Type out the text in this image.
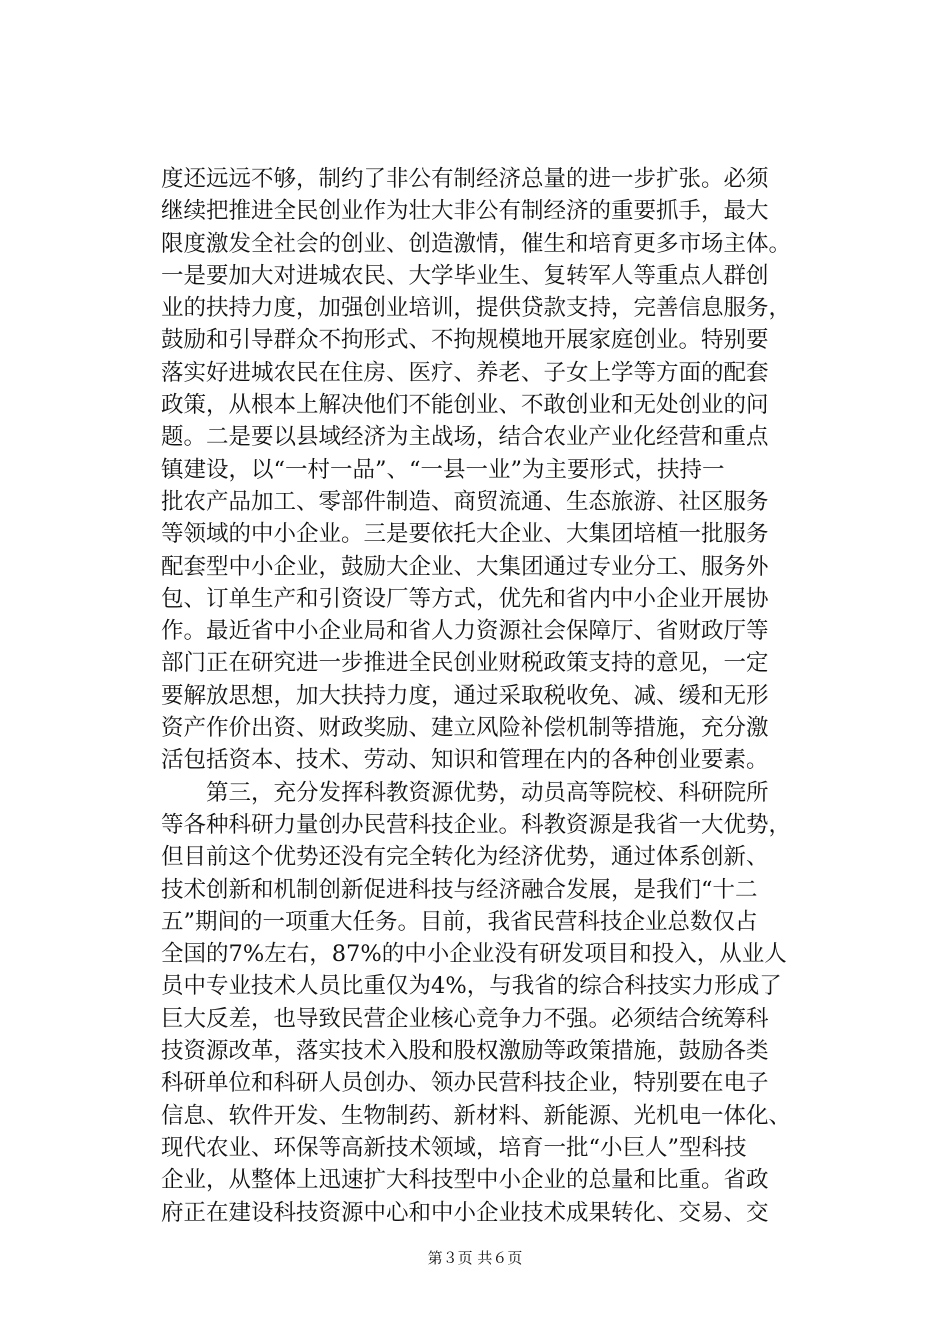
度还远远不够，制约了非公有制经济总量的进一步扩张。必须
继续把推进全民创业作为壮大非公有制经济的重要抓手，最大
限度激发全社会的创业、创造激情，催生和培育更多市场主体。
一是要加大对进城农民、大学毕业生、复转军人等重点人群创
业的扶持力度，加强创业培训，提供贷款支持，完善信息服务，
鼓励和引导群众不拘形式、不拘规模地开展家庭创业。特别要
落实好进城农民在住房、医疗、养老、子女上学等方面的配套
政策，从根本上解决他们不能创业、不敢创业和无处创业的问
题。二是要以县域经济为主战场，结合农业产业化经营和重点
镇建设，以“一村一品”、“一县一业”为主要形式，扶持一
批农产品加工、零部件制造、商贸流通、生态旅游、社区服务
等领域的中小企业。三是要依托大企业、大集团培植一批服务
配套型中小企业，鼓励大企业、大集团通过专业分工、服务外
包、订单生产和引资设厂等方式，优先和省内中小企业开展协
作。最近省中小企业局和省人力资源社会保障厅、省财政厅等
部门正在研究进一步推进全民创业财税政策支持的意见，一定
要解放思想，加大扶持力度，通过采取税收免、减、缓和无形
资产作价出资、财政奖励、建立风险补偿机制等措施，充分激
活包括资本、技术、劳动、知识和管理在内的各种创业要素。
　　第三，充分发挥科教资源优势，动员高等院校、科研院所
等各种科研力量创办民营科技企业。科教资源是我省一大优势，
但目前这个优势还没有完全转化为经济优势，通过体系创新、
技术创新和机制创新促进科技与经济融合发展，是我们“十二
五”期间的一项重大任务。目前，我省民营科技企业总数仅占
全国的7%左右，87%的中小企业没有研发项目和投入，从业人
员中专业技术人员比重仅为4%，与我省的综合科技实力形成了
巨大反差，也导致民营企业核心竞争力不强。必须结合统筹科
技资源改革，落实技术入股和股权激励等政策措施，鼓励各类
科研单位和科研人员创办、领办民营科技企业，特别要在电子
信息、软件开发、生物制药、新材料、新能源、光机电一体化、
现代农业、环保等高新技术领域，培育一批“小巨人”型科技
企业，从整体上迅速扩大科技型中小企业的总量和比重。省政
府正在建设科技资源中心和中小企业技术成果转化、交易、交
第３页 共６页
